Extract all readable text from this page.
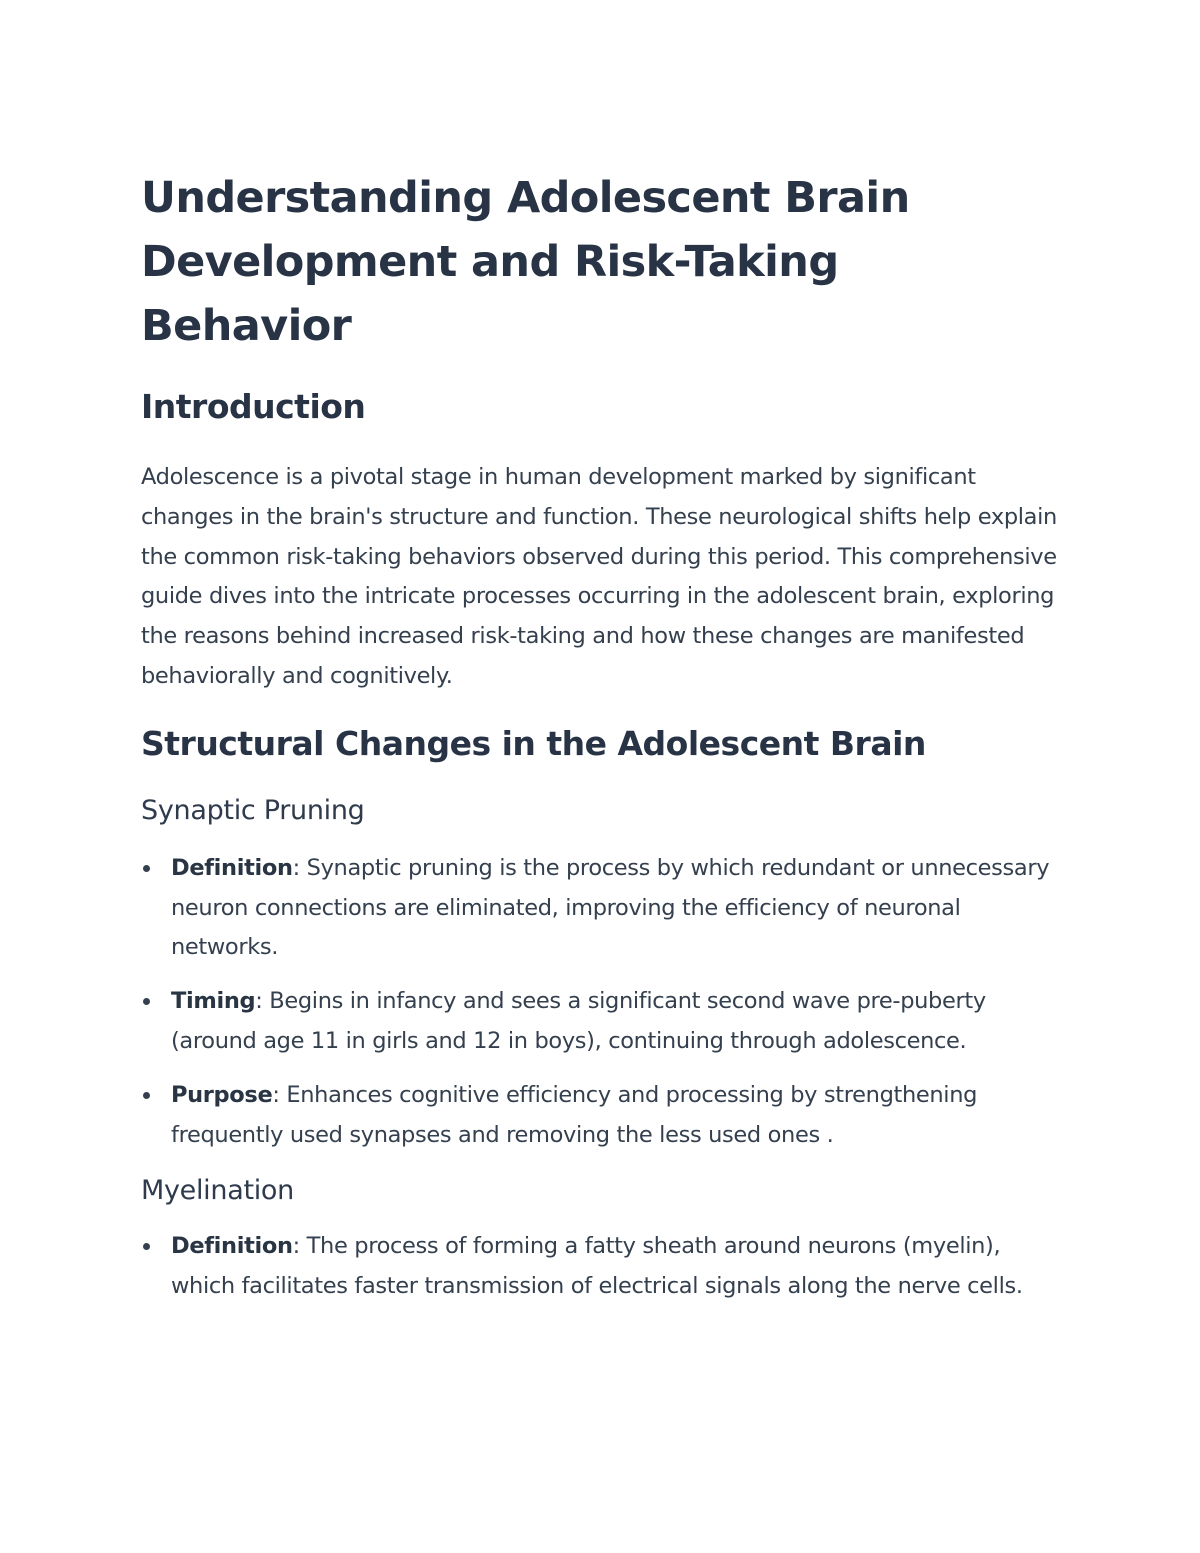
Understanding Adolescent Brain Development and Risk-Taking Behavior
Introduction

Adolescence is a pivotal stage in human development marked by significant changes in the brain's structure and function. These neurological shifts help explain the common risk-taking behaviors observed during this period. This comprehensive guide dives into the intricate processes occurring in the adolescent brain, exploring the reasons behind increased risk-taking and how these changes are manifested behaviorally and cognitively.

Structural Changes in the Adolescent Brain
Synaptic Pruning
Definition: Synaptic pruning is the process by which redundant or unnecessary neuron connections are eliminated, improving the efficiency of neuronal networks.
Timing: Begins in infancy and sees a significant second wave pre-puberty (around age 11 in girls and 12 in boys), continuing through adolescence.
Purpose: Enhances cognitive efficiency and processing by strengthening frequently used synapses and removing the less used ones .
Myelination
Definition: The process of forming a fatty sheath around neurons (myelin), which facilitates faster transmission of electrical signals along the nerve cells.
